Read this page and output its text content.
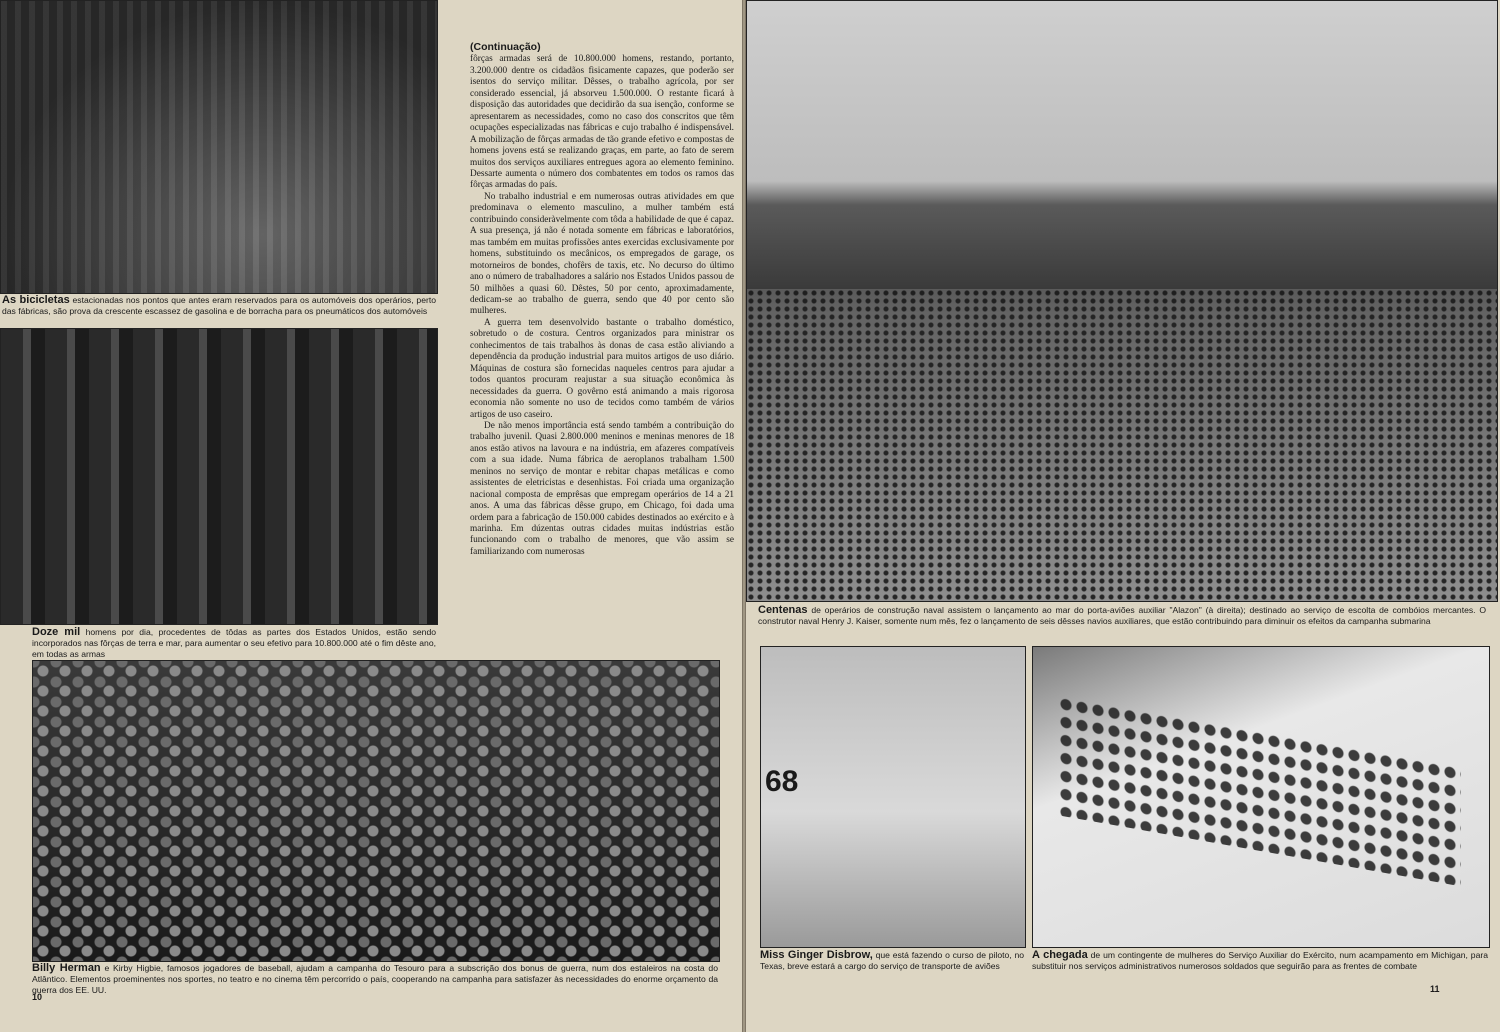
As bicicletas estacionadas nos pontos que antes eram reservados para os automóveis dos operários, perto das fábricas, são prova da crescente escassez de gasolina e de borracha para os pneumáticos dos automóveis
Doze mil homens por dia, procedentes de tôdas as partes dos Estados Unidos, estão sendo incorporados nas fôrças de terra e mar, para aumentar o seu efetivo para 10.800.000 até o fim dêste ano, em todas as armas
(Continuação)

fôrças armadas será de 10.800.000 homens, restando, portanto, 3.200.000 dentre os cidadãos fìsicamente capazes, que poderão ser isentos do serviço militar. Dêsses, o trabalho agrícola, por ser considerado essencial, já absorveu 1.500.000. O restante ficará à disposição das autoridades que decidirão da sua isenção, conforme se apresentarem as necessidades, como no caso dos conscritos que têm ocupações especializadas nas fábricas e cujo trabalho é indispensável. A mobilização de fôrças armadas de tão grande efetivo e compostas de homens jovens está se realizando graças, em parte, ao fato de serem muitos dos serviços auxiliares entregues agora ao elemento feminino. Dessarte aumenta o número dos combatentes em todos os ramos das fôrças armadas do país.

No trabalho industrial e em numerosas outras atividades em que predominava o elemento masculino, a mulher também está contribuindo consideràvelmente com tôda a habilidade de que é capaz. A sua presença, já não é notada somente em fábricas e laboratórios, mas também em muitas profissões antes exercidas exclusivamente por homens, substituindo os mecânicos, os empregados de garage, os motorneiros de bondes, chofêrs de taxis, etc. No decurso do último ano o número de trabalhadores a salário nos Estados Unidos passou de 50 milhões a quasi 60. Dêstes, 50 por cento, aproximadamente, dedicam-se ao trabalho de guerra, sendo que 40 por cento são mulheres.

A guerra tem desenvolvido bastante o trabalho doméstico, sobretudo o de costura. Centros organizados para ministrar os conhecimentos de tais trabalhos às donas de casa estão aliviando a dependência da produção industrial para muitos artigos de uso diário. Máquinas de costura são fornecidas naqueles centros para ajudar a todos quantos procuram reajustar a sua situação econômica às necessidades da guerra. O govêrno está animando a mais rigorosa economia não somente no uso de tecidos como também de vários artigos de uso caseiro.

De não menos importância está sendo também a contribuição do trabalho juvenil. Quasi 2.800.000 meninos e meninas menores de 18 anos estão ativos na lavoura e na indústria, em afazeres compatíveis com a sua idade. Numa fábrica de aeroplanos trabalham 1.500 meninos no serviço de montar e rebitar chapas metálicas e como assistentes de eletricistas e desenhistas. Foi criada uma organização nacional composta de emprêsas que empregam operários de 14 a 21 anos. A uma das fábricas dêsse grupo, em Chicago, foi dada uma ordem para a fabricação de 150.000 cabides destinados ao exército e à marinha. Em dúzentas outras cidades muitas indústrias estão funcionando com o trabalho de menores, que vão assim se familiarizando com numerosas

Billy Herman e Kirby Higbie, famosos jogadores de baseball, ajudam a campanha do Tesouro para a subscrição dos bonus de guerra, num dos estaleiros na costa do Atlântico. Elementos proeminentes nos sportes, no teatro e no cinema têm percorrido o país, cooperando na campanha para satisfazer às necessidades do enorme orçamento da guerra dos EE. UU.
10
Centenas de operários de construção naval assistem o lançamento ao mar do porta-aviões auxiliar "Alazon" (à direita); destinado ao serviço de escolta de combóios mercantes. O construtor naval Henry J. Kaiser, somente num mês, fez o lançamento de seis dêsses navios auxiliares, que estão contribuindo para diminuir os efeitos da campanha submarina
68
Miss Ginger Disbrow, que está fazendo o curso de piloto, no Texas, breve estará a cargo do serviço de transporte de aviões
A chegada de um contingente de mulheres do Serviço Auxiliar do Exército, num acampamento em Michigan, para substituir nos serviços administrativos numerosos soldados que seguirão para as frentes de combate
11
